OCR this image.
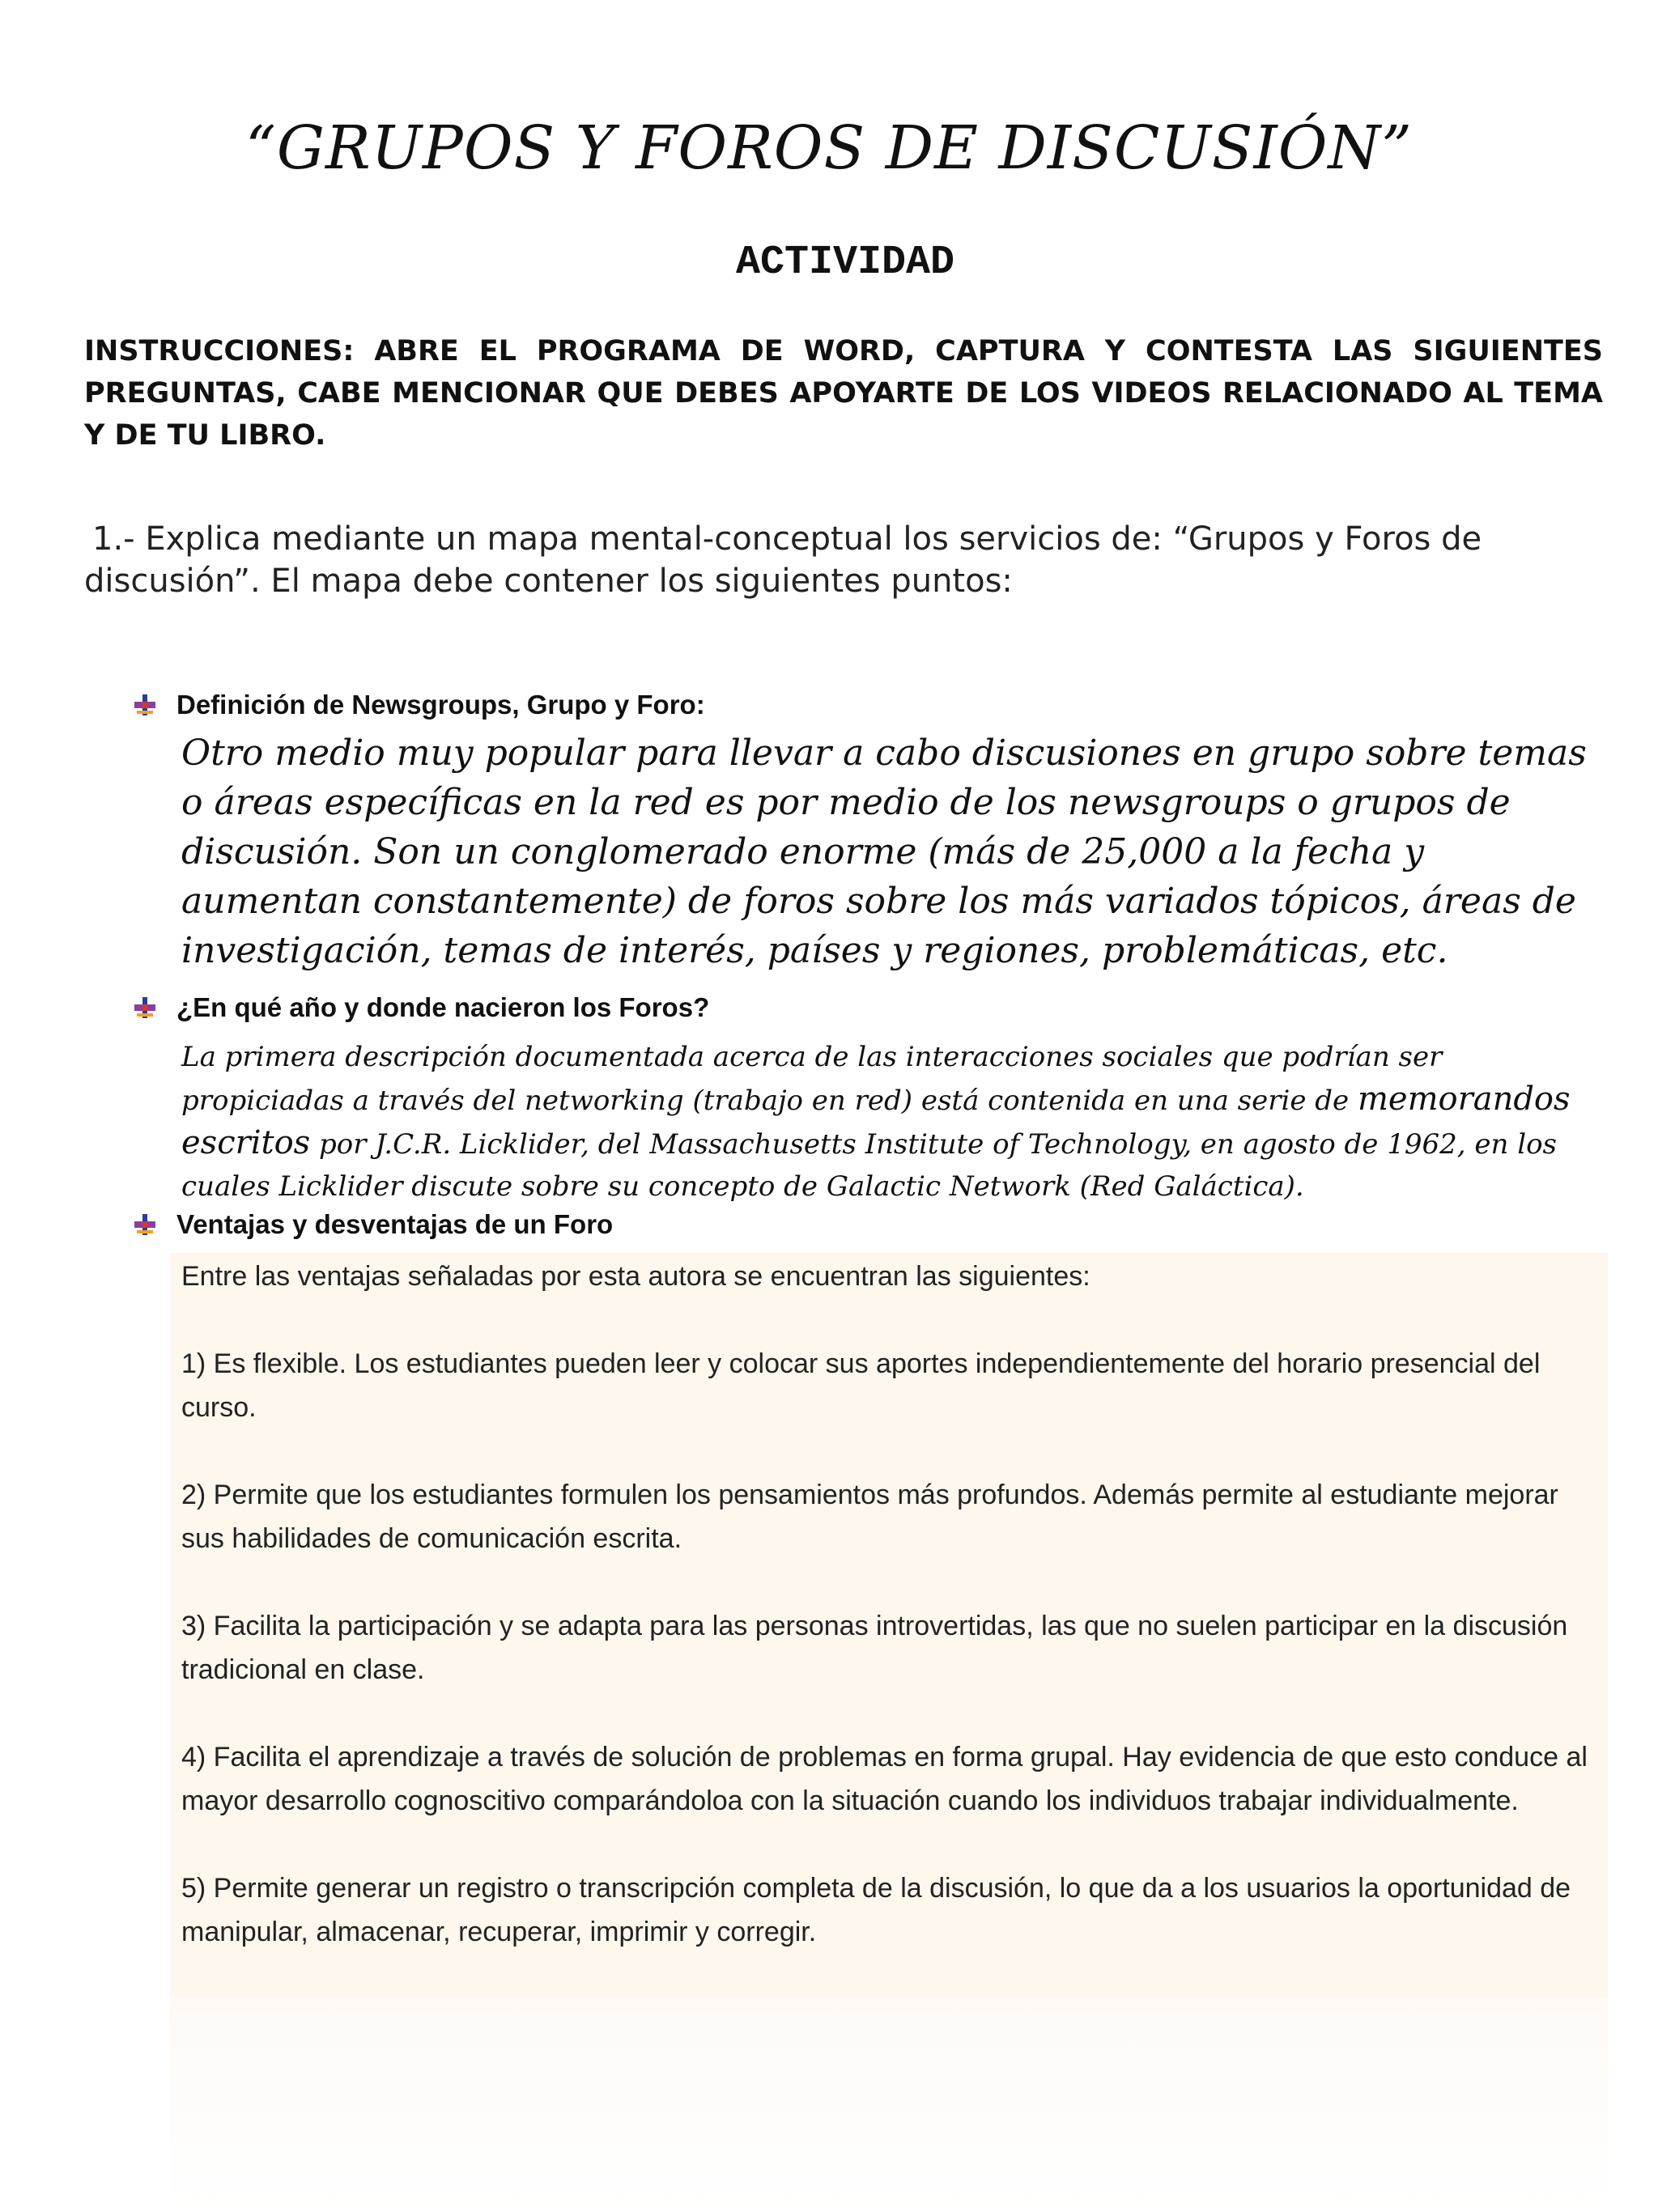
“GRUPOS Y FOROS DE DISCUSIÓN”
ACTIVIDAD
INSTRUCCIONES: ABRE EL PROGRAMA DE WORD, CAPTURA Y CONTESTA LAS SIGUIENTES PREGUNTAS, CABE MENCIONAR QUE DEBES APOYARTE DE LOS VIDEOS RELACIONADO AL TEMA Y DE TU LIBRO.
1.- Explica mediante un mapa mental-conceptual los servicios de: “Grupos y Foros de discusión”. El mapa debe contener los siguientes puntos:
Definición de Newsgroups, Grupo y Foro:
Otro medio muy popular para llevar a cabo discusiones en grupo sobre temas o áreas específicas en la red es por medio de los newsgroups o grupos de discusión. Son un conglomerado enorme (más de 25,000 a la fecha y aumentan constantemente) de foros sobre los más variados tópicos, áreas de investigación, temas de interés, países y regiones, problemáticas, etc.
¿En qué año y donde nacieron los Foros?
La primera descripción documentada acerca de las interacciones sociales que podrían ser propiciadas a través del networking (trabajo en red) está contenida en una serie de memorandos escritos por J.C.R. Licklider, del Massachusetts Institute of Technology, en agosto de 1962, en los cuales Licklider discute sobre su concepto de Galactic Network (Red Galáctica).
Ventajas y desventajas de un Foro

Entre las ventajas señaladas por esta autora se encuentran las siguientes:

1) Es flexible. Los estudiantes pueden leer y colocar sus aportes independientemente del horario presencial del curso.

2) Permite que los estudiantes formulen los pensamientos más profundos. Además permite al estudiante mejorar sus habilidades de comunicación escrita.

3) Facilita la participación y se adapta para las personas introvertidas, las que no suelen participar en la discusión tradicional en clase.

4) Facilita el aprendizaje a través de solución de problemas en forma grupal. Hay evidencia de que esto conduce al mayor desarrollo cognoscitivo comparándoloa con la situación cuando los individuos trabajar individualmente.

5) Permite generar un registro o transcripción completa de la discusión, lo que da a los usuarios la oportunidad de manipular, almacenar, recuperar, imprimir y corregir.
